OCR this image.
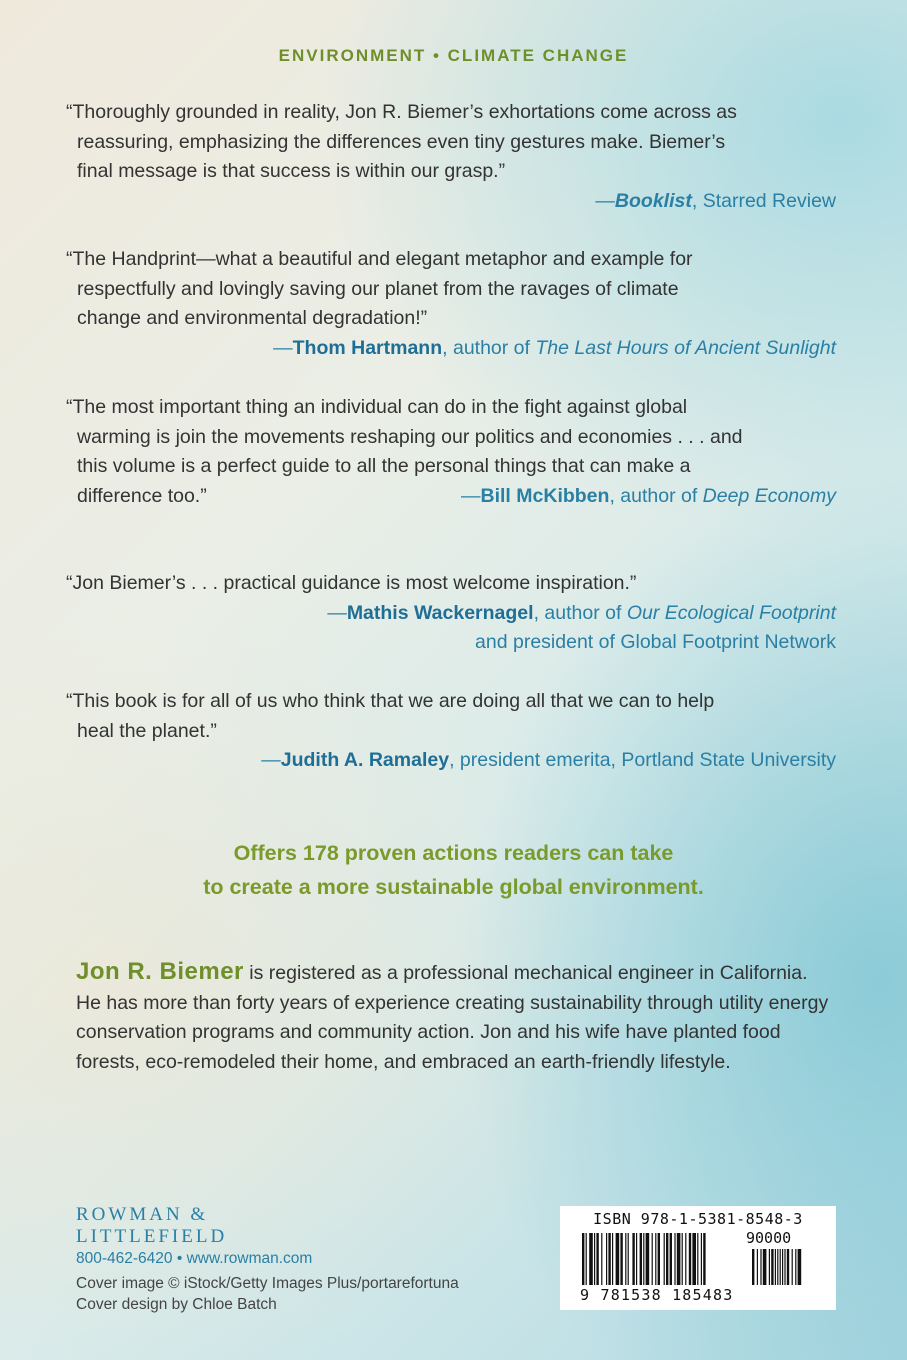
ENVIRONMENT • CLIMATE CHANGE

“Thoroughly grounded in reality, Jon R. Biemer’s exhortations come across as

reassuring, emphasizing the differences even tiny gestures make. Biemer’s

final message is that success is within our grasp.”

—Booklist, Starred Review

“The Handprint—what a beautiful and elegant metaphor and example for

respectfully and lovingly saving our planet from the ravages of climate

change and environmental degradation!”

—Thom Hartmann, author of The Last Hours of Ancient Sunlight

“The most important thing an individual can do in the fight against global

warming is join the movements reshaping our politics and economies . . . and

this volume is a perfect guide to all the personal things that can make a

difference too.”	—Bill McKibben, author of Deep Economy

“Jon Biemer’s . . . practical guidance is most welcome inspiration.”

—Mathis Wackernagel, author of Our Ecological Footprint

and president of Global Footprint Network

“This book is for all of us who think that we are doing all that we can to help

heal the planet.”

—Judith A. Ramaley, president emerita, Portland State University

Offers 178 proven actions readers can take
to create a more sustainable global environment.
Jon R. Biemer is registered as a professional mechanical engineer in California. He has more than forty years of experience creating sustainability through utility energy conservation programs and community action. Jon and his wife have planted food forests, eco-remodeled their home, and embraced an earth-friendly lifestyle.
ROWMAN &
LITTLEFIELD
800-462-6420 • www.rowman.com
Cover image © iStock/Getty Images Plus/portarefortuna
Cover design by Chloe Batch
ISBN 978-1-5381-8548-3
90000
9 781538 185483
